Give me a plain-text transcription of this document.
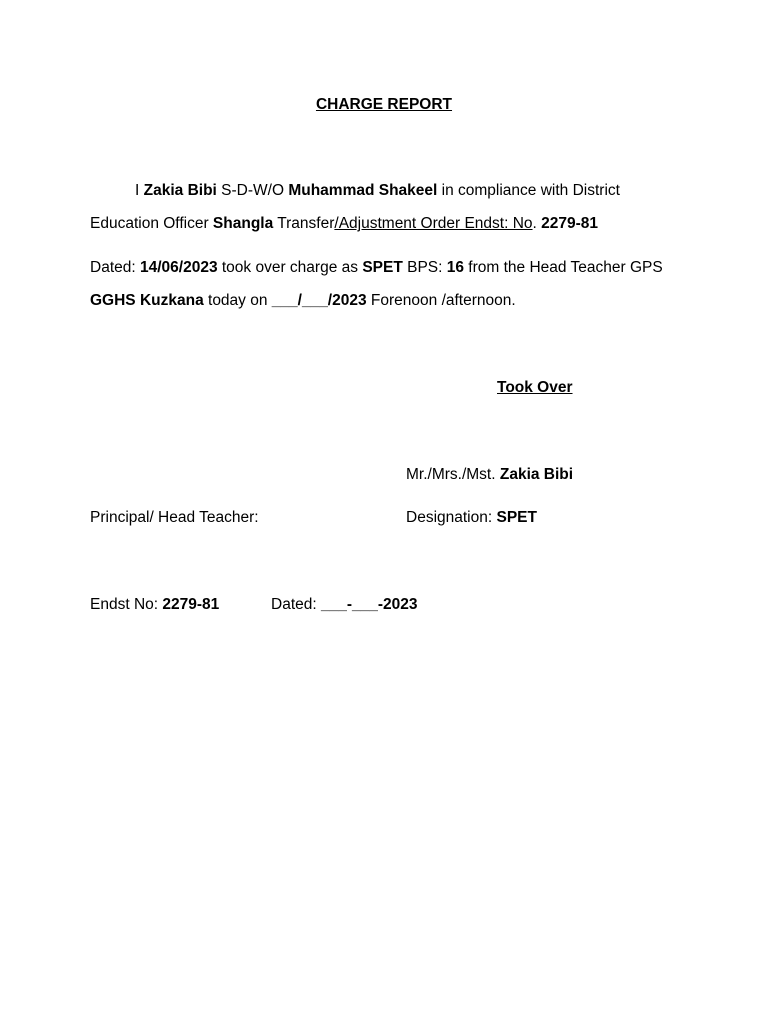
CHARGE REPORT
I Zakia Bibi S-D-W/O Muhammad Shakeel in compliance with District
Education Officer Shangla Transfer/Adjustment Order Endst: No. 2279-81
Dated: 14/06/2023 took over charge as SPET BPS: 16 from the Head Teacher GPS
GGHS Kuzkana today on ___/___/2023 Forenoon /afternoon.
Took Over
Mr./Mrs./Mst. Zakia Bibi
Principal/ Head Teacher:	Designation: SPET
Endst No: 2279-81	Dated: ___-___-2023
